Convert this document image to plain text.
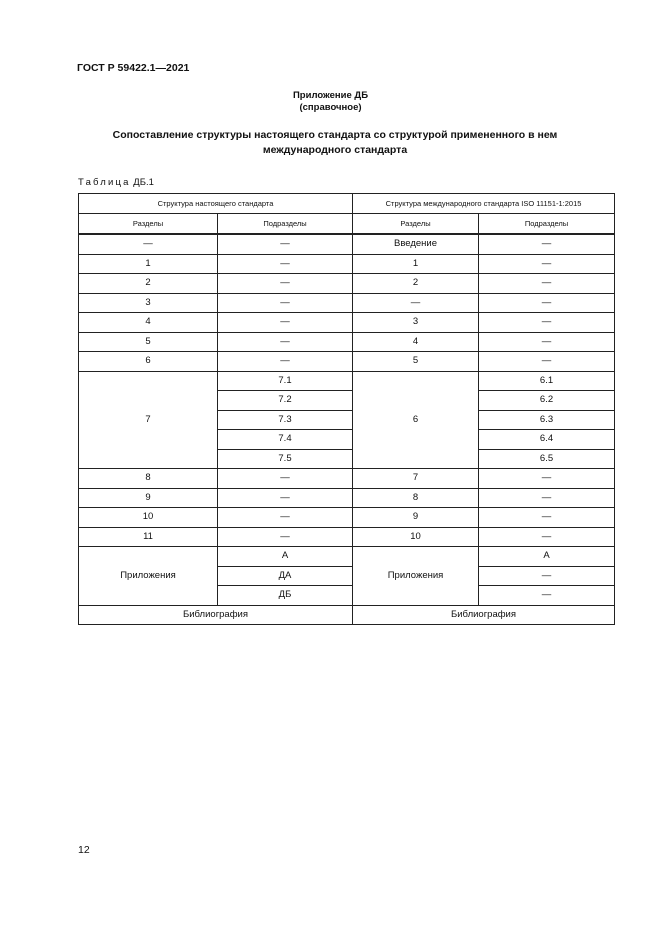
ГОСТ Р 59422.1—2021
Приложение ДБ
(справочное)
Сопоставление структуры настоящего стандарта со структурой примененного в нем международного стандарта
Таблица ДБ.1
Структура настоящего стандарта		Структура международного стандарта ISO 11151-1:2015	
Разделы	Подразделы	Разделы	Подразделы
—	—	Введение	—
1	—	1	—
2	—	2	—
3	—	—	—
4	—	3	—
5	—	4	—
6	—	5	—
7	7.1	6	6.1
	7.2		6.2
	7.3		6.3
	7.4		6.4
	7.5		6.5
8	—	7	—
9	—	8	—
10	—	9	—
11	—	10	—
Приложения	А	Приложения	А
	ДА		—
	ДБ		—
Библиография		Библиография	
12
